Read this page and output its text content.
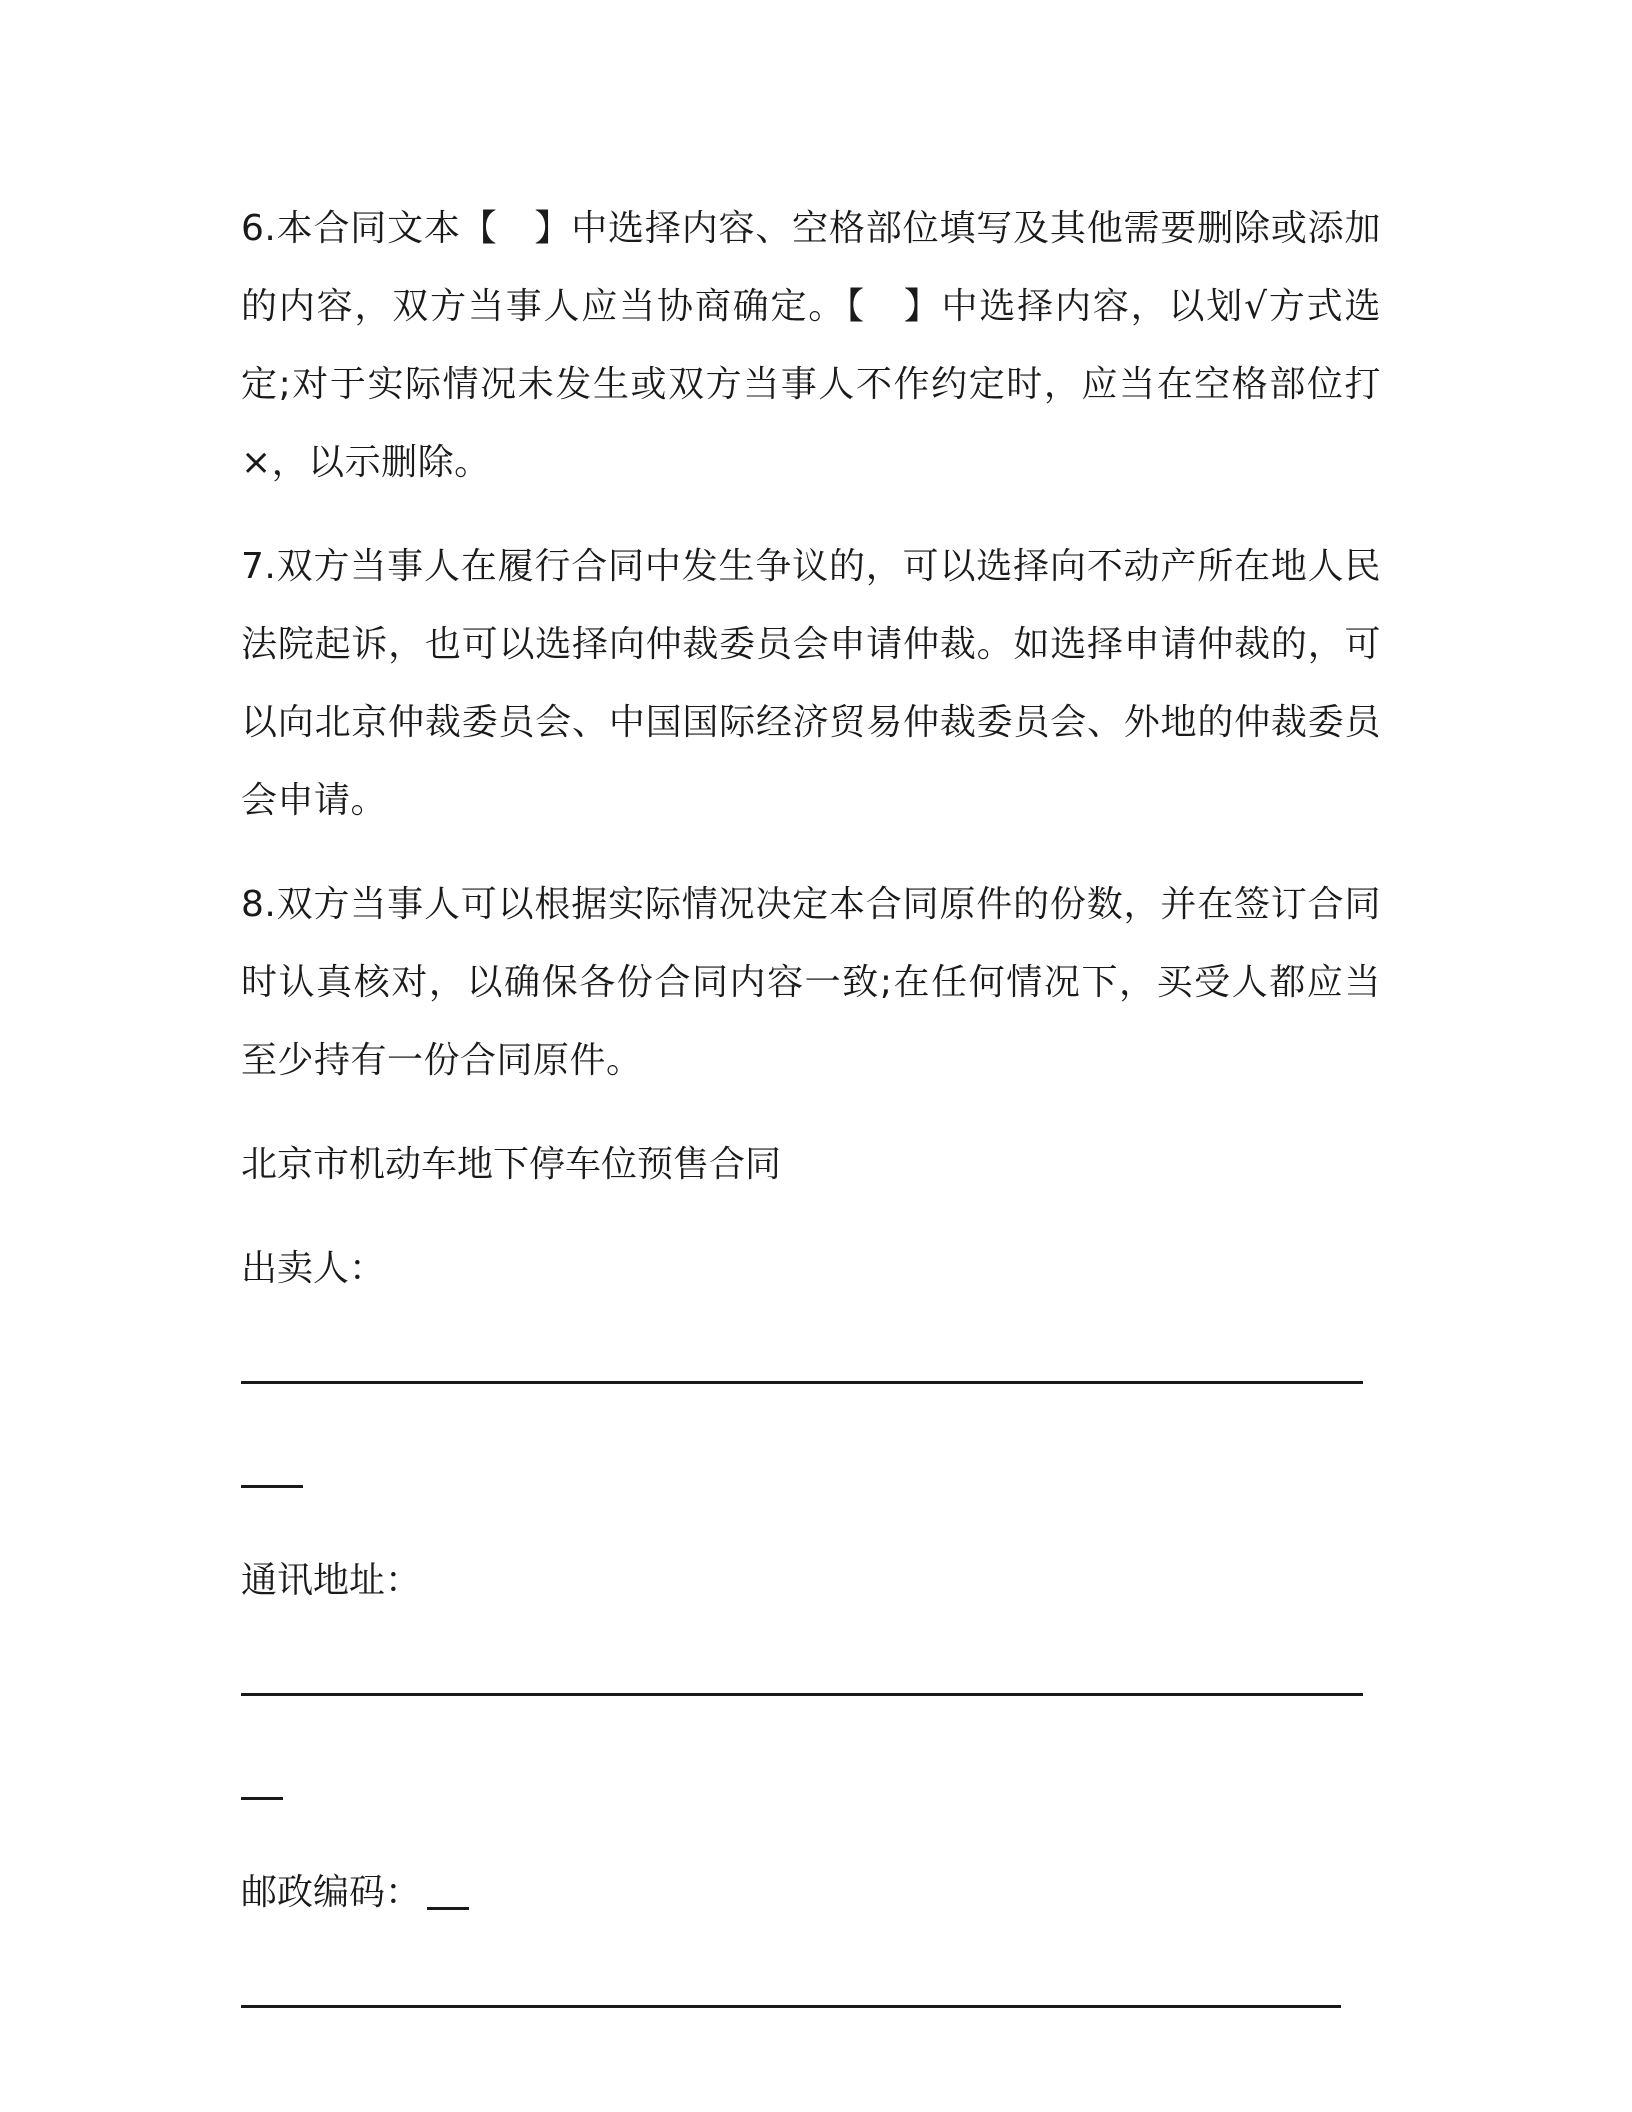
6.本合同文本【　】中选择内容、空格部位填写及其他需要删除或添加的内容，双方当事人应当协商确定。【　】中选择内容，以划√方式选定;对于实际情况未发生或双方当事人不作约定时，应当在空格部位打×，以示删除。

7.双方当事人在履行合同中发生争议的，可以选择向不动产所在地人民法院起诉，也可以选择向仲裁委员会申请仲裁。如选择申请仲裁的，可以向北京仲裁委员会、中国国际经济贸易仲裁委员会、外地的仲裁委员会申请。

8.双方当事人可以根据实际情况决定本合同原件的份数，并在签订合同时认真核对，以确保各份合同内容一致;在任何情况下，买受人都应当至少持有一份合同原件。

北京市机动车地下停车位预售合同
出卖人：
通讯地址：
邮政编码：
